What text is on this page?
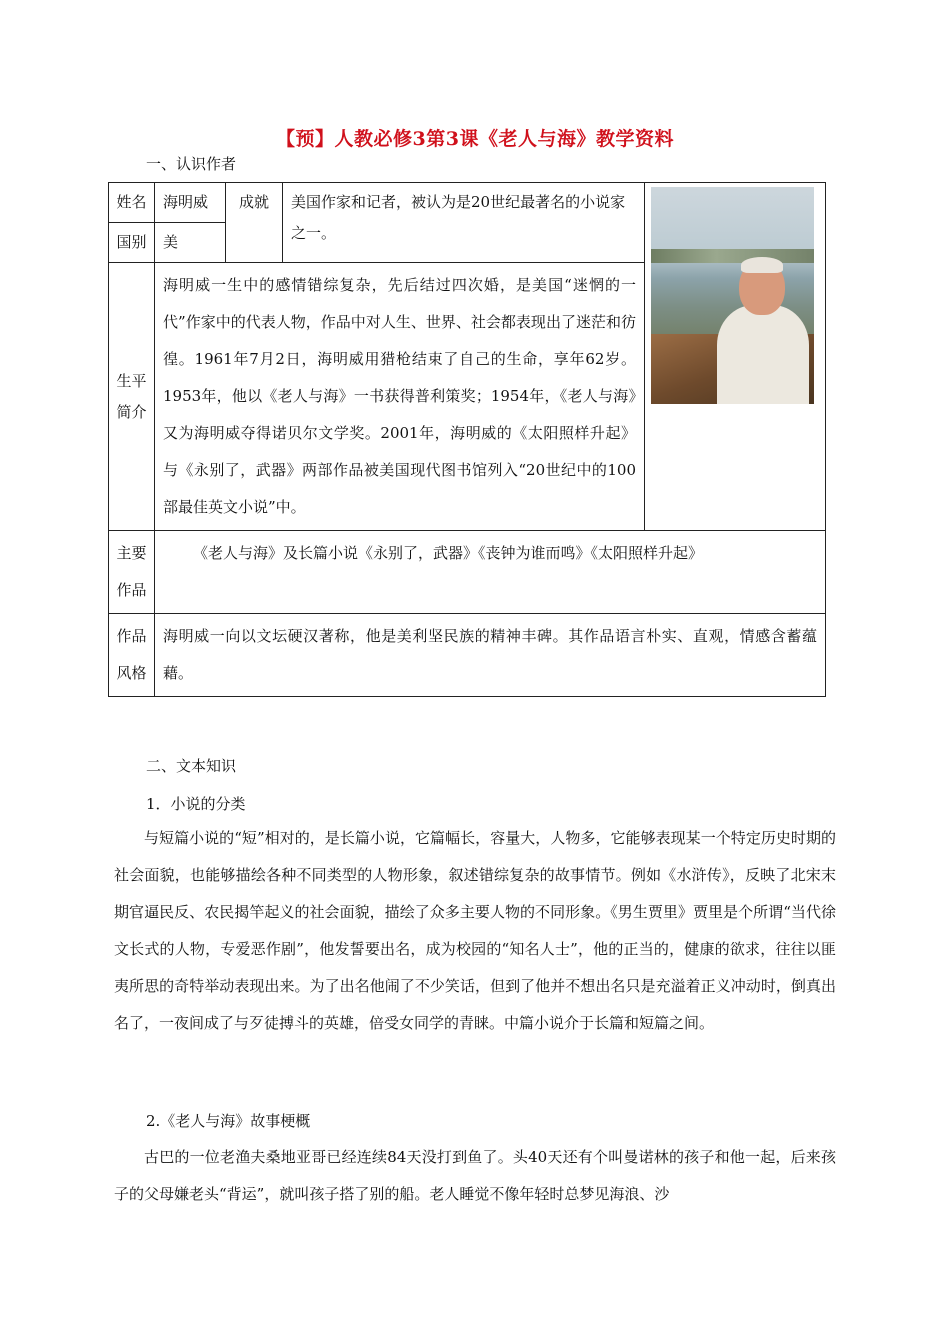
【预】人教必修3第3课《老人与海》教学资料
一、认识作者
姓名	海明威	成就	美国作家和记者，被认为是20世纪最著名的小说家之一。	

国别	美			
生平简介	海明威一生中的感情错综复杂，先后结过四次婚，是美国“迷惘的一代”作家中的代表人物，作品中对人生、世界、社会都表现出了迷茫和彷徨。1961年7月2日，海明威用猎枪结束了自己的生命，享年62岁。1953年，他以《老人与海》一书获得普利策奖；1954年，《老人与海》又为海明威夺得诺贝尔文学奖。2001年，海明威的《太阳照样升起》与《永别了，武器》两部作品被美国现代图书馆列入“20世纪中的100部最佳英文小说”中。			
主要作品	《老人与海》及长篇小说《永别了，武器》《丧钟为谁而鸣》《太阳照样升起》			
作品风格	海明威一向以文坛硬汉著称，他是美利坚民族的精神丰碑。其作品语言朴实、直观，情感含蓄蕴藉。			
二、文本知识
1．小说的分类
与短篇小说的“短”相对的，是长篇小说，它篇幅长，容量大，人物多，它能够表现某一个特定历史时期的社会面貌，也能够描绘各种不同类型的人物形象，叙述错综复杂的故事情节。例如《水浒传》，反映了北宋末期官逼民反、农民揭竿起义的社会面貌，描绘了众多主要人物的不同形象。《男生贾里》贾里是个所谓“当代徐文长式的人物，专爱恶作剧”，他发誓要出名，成为校园的“知名人士”，他的正当的，健康的欲求，往往以匪夷所思的奇特举动表现出来。为了出名他闹了不少笑话，但到了他并不想出名只是充溢着正义冲动时，倒真出名了，一夜间成了与歹徒搏斗的英雄，倍受女同学的青睐。中篇小说介于长篇和短篇之间。
2.《老人与海》故事梗概
古巴的一位老渔夫桑地亚哥已经连续84天没打到鱼了。头40天还有个叫曼诺林的孩子和他一起，后来孩子的父母嫌老头“背运”，就叫孩子搭了别的船。老人睡觉不像年轻时总梦见海浪、沙
